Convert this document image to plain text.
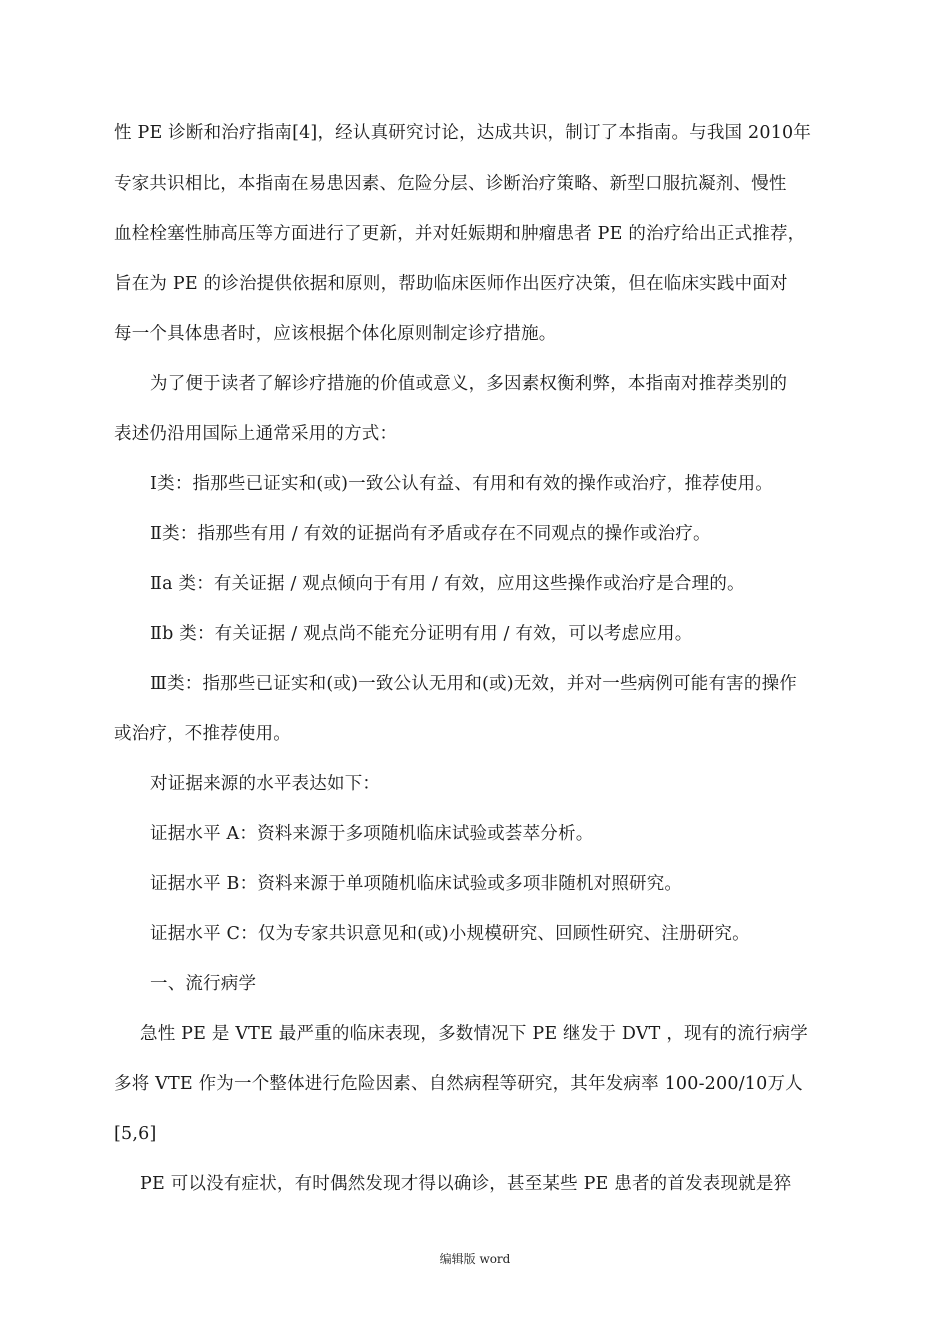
性 PE 诊断和治疗指南[4]，经认真研究讨论，达成共识，制订了本指南。与我国 2010年
专家共识相比，本指南在易患因素、危险分层、诊断治疗策略、新型口服抗凝剂、慢性
血栓栓塞性肺高压等方面进行了更新，并对妊娠期和肿瘤患者 PE 的治疗给出正式推荐，
旨在为 PE 的诊治提供依据和原则，帮助临床医师作出医疗决策，但在临床实践中面对
每一个具体患者时，应该根据个体化原则制定诊疗措施。
为了便于读者了解诊疗措施的价值或意义，多因素权衡利弊，本指南对推荐类别的
表述仍沿用国际上通常采用的方式：
Ⅰ类：指那些已证实和(或)一致公认有益、有用和有效的操作或治疗，推荐使用。
Ⅱ类：指那些有用 / 有效的证据尚有矛盾或存在不同观点的操作或治疗。
Ⅱa 类：有关证据 / 观点倾向于有用 / 有效，应用这些操作或治疗是合理的。
Ⅱb 类：有关证据 / 观点尚不能充分证明有用 / 有效，可以考虑应用。
Ⅲ类：指那些已证实和(或)一致公认无用和(或)无效，并对一些病例可能有害的操作
或治疗，不推荐使用。
对证据来源的水平表达如下：
证据水平 A：资料来源于多项随机临床试验或荟萃分析。
证据水平 B：资料来源于单项随机临床试验或多项非随机对照研究。
证据水平 C：仅为专家共识意见和(或)小规模研究、回顾性研究、注册研究。
一、流行病学
急性 PE 是 VTE 最严重的临床表现，多数情况下 PE 继发于 DVT ，现有的流行病学
多将 VTE 作为一个整体进行危险因素、自然病程等研究，其年发病率 100-200/10万人
[5,6]
PE 可以没有症状，有时偶然发现才得以确诊，甚至某些 PE 患者的首发表现就是猝
编辑版 word
